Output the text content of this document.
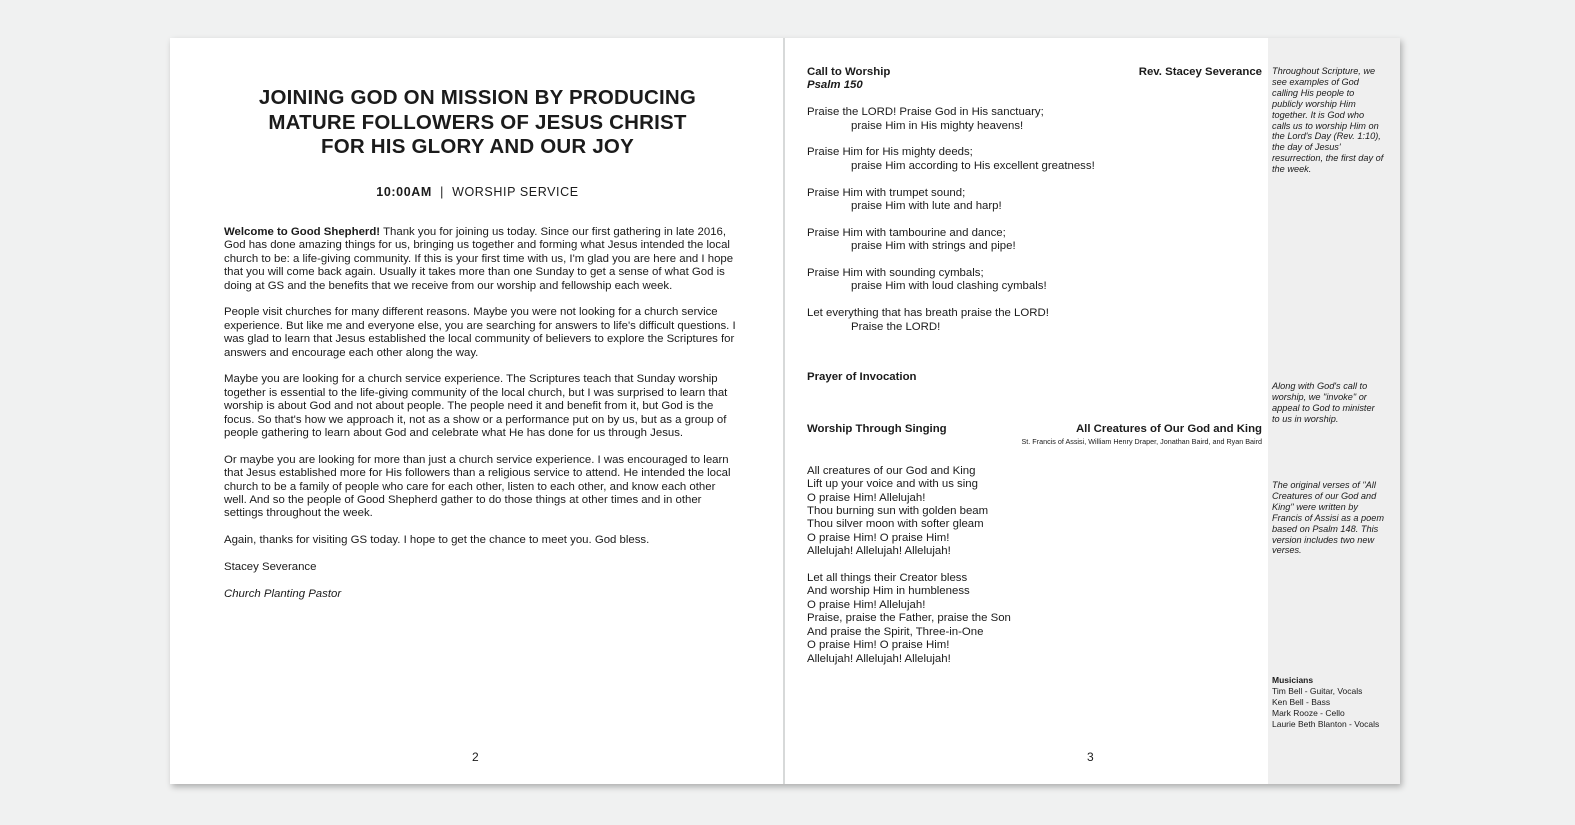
JOINING GOD ON MISSION BY PRODUCING
MATURE FOLLOWERS OF JESUS CHRIST
FOR HIS GLORY AND OUR JOY
10:00AM | WORSHIP SERVICE

Welcome to Good Shepherd! Thank you for joining us today. Since our first gathering in late 2016, God has done amazing things for us, bringing us together and forming what Jesus intended the local church to be: a life-giving community. If this is your first time with us, I'm glad you are here and I hope that you will come back again. Usually it takes more than one Sunday to get a sense of what God is doing at GS and the benefits that we receive from our worship and fellowship each week.

People visit churches for many different reasons. Maybe you were not looking for a church service experience. But like me and everyone else, you are searching for answers to life's difficult questions. I was glad to learn that Jesus established the local community of believers to explore the Scriptures for answers and encourage each other along the way.

Maybe you are looking for a church service experience. The Scriptures teach that Sunday worship together is essential to the life-giving community of the local church, but I was surprised to learn that worship is about God and not about people. The people need it and benefit from it, but God is the focus. So that's how we approach it, not as a show or a performance put on by us, but as a group of people gathering to learn about God and celebrate what He has done for us through Jesus.

Or maybe you are looking for more than just a church service experience. I was encouraged to learn that Jesus established more for His followers than a religious service to attend. He intended the local church to be a family of people who care for each other, listen to each other, and know each other well. And so the people of Good Shepherd gather to do those things at other times and in other settings throughout the week.

Again, thanks for visiting GS today. I hope to get the chance to meet you. God bless.

Stacey Severance

Church Planting Pastor

2
Call to Worship	Rev. Stacey Severance
Psalm 150
Praise the LORD! Praise God in His sanctuary;
praise Him in His mighty heavens!
Praise Him for His mighty deeds;
praise Him according to His excellent greatness!
Praise Him with trumpet sound;
praise Him with lute and harp!
Praise Him with tambourine and dance;
praise Him with strings and pipe!
Praise Him with sounding cymbals;
praise Him with loud clashing cymbals!
Let everything that has breath praise the LORD!
Praise the LORD!
Prayer of Invocation
Worship Through Singing	All Creatures of Our God and King
St. Francis of Assisi, William Henry Draper, Jonathan Baird, and Ryan Baird
All creatures of our God and King
Lift up your voice and with us sing
O praise Him! Allelujah!
Thou burning sun with golden beam
Thou silver moon with softer gleam
O praise Him! O praise Him!
Allelujah! Allelujah! Allelujah!
Let all things their Creator bless
And worship Him in humbleness
O praise Him! Allelujah!
Praise, praise the Father, praise the Son
And praise the Spirit, Three-in-One
O praise Him! O praise Him!
Allelujah! Allelujah! Allelujah!
3
Throughout Scripture, we see examples of God calling His people to publicly worship Him together. It is God who calls us to worship Him on the Lord's Day (Rev. 1:10), the day of Jesus' resurrection, the first day of the week.
Along with God's call to worship, we "invoke" or appeal to God to minister to us in worship.
The original verses of "All Creatures of our God and King" were written by Francis of Assisi as a poem based on Psalm 148. This version includes two new verses.
Musicians
Tim Bell - Guitar, Vocals
Ken Bell - Bass
Mark Rooze - Cello
Laurie Beth Blanton - Vocals
